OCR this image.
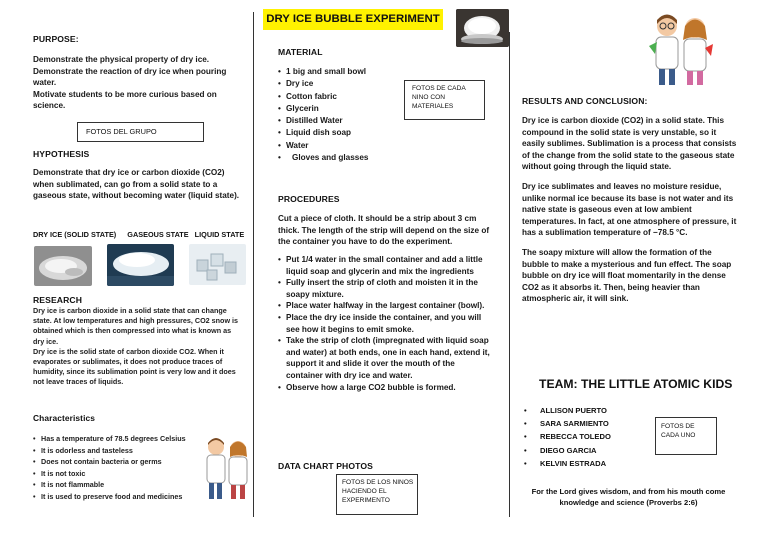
DRY ICE BUBBLE EXPERIMENT
PURPOSE:
Demonstrate the physical property of dry ice.
Demonstrate the reaction of dry ice when pouring water.
Motivate students to be more curious based on science.
FOTOS DEL GRUPO
HYPOTHESIS
Demonstrate that dry ice or carbon dioxide (CO2) when sublimated, can go from a solid state to a gaseous state, without becoming water (liquid state).
DRY ICE (SOLID STATE) GASEOUS STATE LIQUID STATE
RESEARCH
Dry ice is carbon dioxide in a solid state that can change state. At low temperatures and high pressures, CO2 snow is obtained which is then compressed into what is known as dry ice.
Dry ice is the solid state of carbon dioxide CO2. When it evaporates or sublimates, it does not produce traces of humidity, since its sublimation point is very low and it does not leave traces of liquids.
Characteristics
• Has a temperature of 78.5 degrees Celsius
• It is odorless and tasteless
• Does not contain bacteria or germs
• It is not toxic
• It is not flammable
• It is used to preserve food and medicines
MATERIAL
• 1 big and small bowl
• Dry ice
• Cotton fabric
• Glycerin
• Distilled Water
• Liquid dish soap
• Water
• Gloves and glasses
FOTOS DE CADA NINO CON MATERIALES
PROCEDURES
Cut a piece of cloth. It should be a strip about 3 cm thick. The length of the strip will depend on the size of the container you have to do the experiment.
• Put 1/4 water in the small container and add a little liquid soap and glycerin and mix the ingredients
• Fully insert the strip of cloth and moisten it in the soapy mixture.
• Place water halfway in the largest container (bowl).
• Place the dry ice inside the container, and you will see how it begins to emit smoke.
• Take the strip of cloth (impregnated with liquid soap and water) at both ends, one in each hand, extend it, support it and slide it over the mouth of the container with dry ice and water.
• Observe how a large CO2 bubble is formed.
DATA CHART PHOTOS
FOTOS DE LOS NINOS HACIENDO EL EXPERIMENTO
RESULTS AND CONCLUSION:
Dry ice is carbon dioxide (CO2) in a solid state. This compound in the solid state is very unstable, so it easily sublimes. Sublimation is a process that consists of the change from the solid state to the gaseous state without going through the liquid state.
Dry ice sublimates and leaves no moisture residue, unlike normal ice because its base is not water and its native state is gaseous even at low ambient temperatures. In fact, at one atmosphere of pressure, it has a sublimation temperature of −78.5 °C.
The soapy mixture will allow the formation of the bubble to make a mysterious and fun effect. The soap bubble on dry ice will float momentarily in the dense CO2 as it absorbs it. Then, being heavier than atmospheric air, it will sink.
TEAM: THE LITTLE ATOMIC KIDS
• ALLISON PUERTO
• SARA SARMIENTO
• REBECCA TOLEDO
• DIEGO GARCIA
• KELVIN ESTRADA
FOTOS DE CADA UNO
For the Lord gives wisdom, and from his mouth come knowledge and science (Proverbs 2:6)
